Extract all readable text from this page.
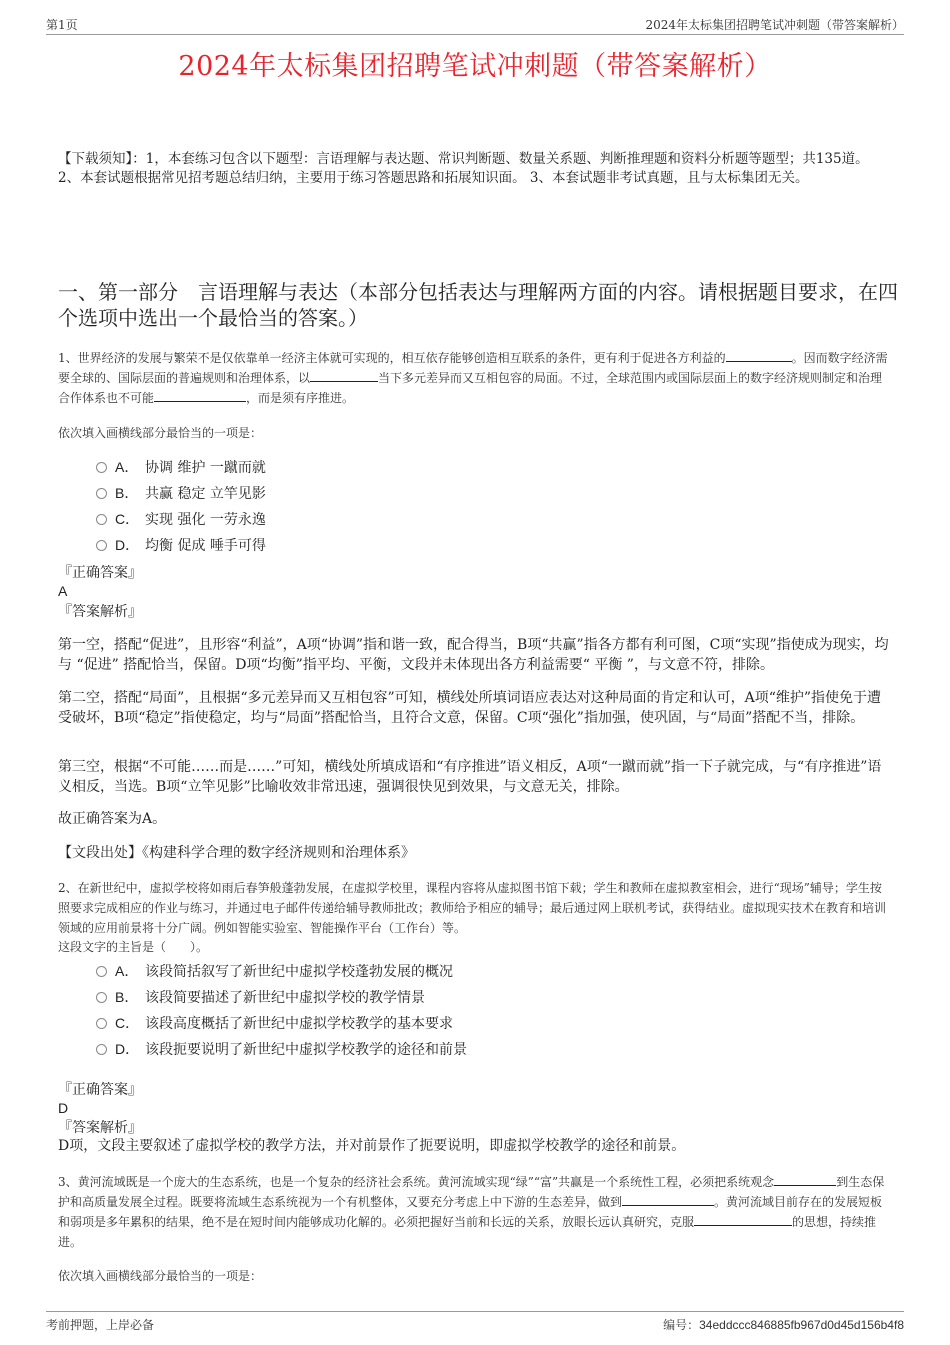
第1页	2024年太标集团招聘笔试冲刺题（带答案解析）
2024年太标集团招聘笔试冲刺题（带答案解析）
【下载须知】：1，本套练习包含以下题型：言语理解与表达题、常识判断题、数量关系题、判断推理题和资料分析题等题型；共135道。 2、本套试题根据常见招考题总结归纳，主要用于练习答题思路和拓展知识面。 3、本套试题非考试真题，且与太标集团无关。
一、第一部分　言语理解与表达（本部分包括表达与理解两方面的内容。请根据题目要求，在四个选项中选出一个最恰当的答案。）
1、世界经济的发展与繁荣不是仅依靠单一经济主体就可实现的，相互依存能够创造相互联系的条件，更有利于促进各方利益的	。因而数字经济需要全球的、国际层面的普遍规则和治理体系，以	当下多元差异而又互相包容的局面。不过，全球范围内或国际层面上的数字经济规则制定和治理合作体系也不可能	，而是须有序推进。
依次填入画横线部分最恰当的一项是：
A． 协调 维护 一蹴而就
B． 共赢 稳定 立竿见影
C． 实现 强化 一劳永逸
D． 均衡 促成 唾手可得
『正确答案』
A
『答案解析』
第一空，搭配“促进”，且形容“利益”，A项“协调”指和谐一致，配合得当，B项“共赢”指各方都有利可图，C项“实现”指使成为现实，均与 “促进” 搭配恰当，保留。D项“均衡”指平均、平衡，文段并未体现出各方利益需要“ 平衡 ”，与文意不符，排除。
第二空，搭配“局面”，且根据“多元差异而又互相包容”可知，横线处所填词语应表达对这种局面的肯定和认可，A项“维护”指使免于遭受破坏，B项“稳定”指使稳定，均与“局面”搭配恰当，且符合文意，保留。C项“强化”指加强，使巩固，与“局面”搭配不当，排除。
第三空，根据“不可能……而是……”可知，横线处所填成语和“有序推进”语义相反，A项“一蹴而就”指一下子就完成，与“有序推进”语义相反，当选。B项“立竿见影”比喻收效非常迅速，强调很快见到效果，与文意无关，排除。
故正确答案为A。
【文段出处】《构建科学合理的数字经济规则和治理体系》
2、在新世纪中，虚拟学校将如雨后春笋般蓬勃发展，在虚拟学校里，课程内容将从虚拟图书馆下载；学生和教师在虚拟教室相会，进行“现场”辅导；学生按照要求完成相应的作业与练习，并通过电子邮件传递给辅导教师批改；教师给予相应的辅导；最后通过网上联机考试，获得结业。虚拟现实技术在教育和培训领域的应用前景将十分广阔。例如智能实验室、智能操作平台（工作台）等。
这段文字的主旨是（　　）。
A． 该段简括叙写了新世纪中虚拟学校蓬勃发展的概况
B． 该段简要描述了新世纪中虚拟学校的教学情景
C． 该段高度概括了新世纪中虚拟学校教学的基本要求
D． 该段扼要说明了新世纪中虚拟学校教学的途径和前景
『正确答案』
D
『答案解析』
D项，文段主要叙述了虚拟学校的教学方法，并对前景作了扼要说明，即虚拟学校教学的途径和前景。
3、黄河流域既是一个庞大的生态系统，也是一个复杂的经济社会系统。黄河流域实现“绿”“富”共赢是一个系统性工程，必须把系统观念	到生态保护和高质量发展全过程。既要将流域生态系统视为一个有机整体，又要充分考虑上中下游的生态差异，做到	。黄河流域目前存在的发展短板和弱项是多年累积的结果，绝不是在短时间内能够成功化解的。必须把握好当前和长远的关系，放眼长远认真研究，克服	的思想，持续推进。
依次填入画横线部分最恰当的一项是：
考前押题，上岸必备	编号：34eddccc846885fb967d0d45d156b4f8
